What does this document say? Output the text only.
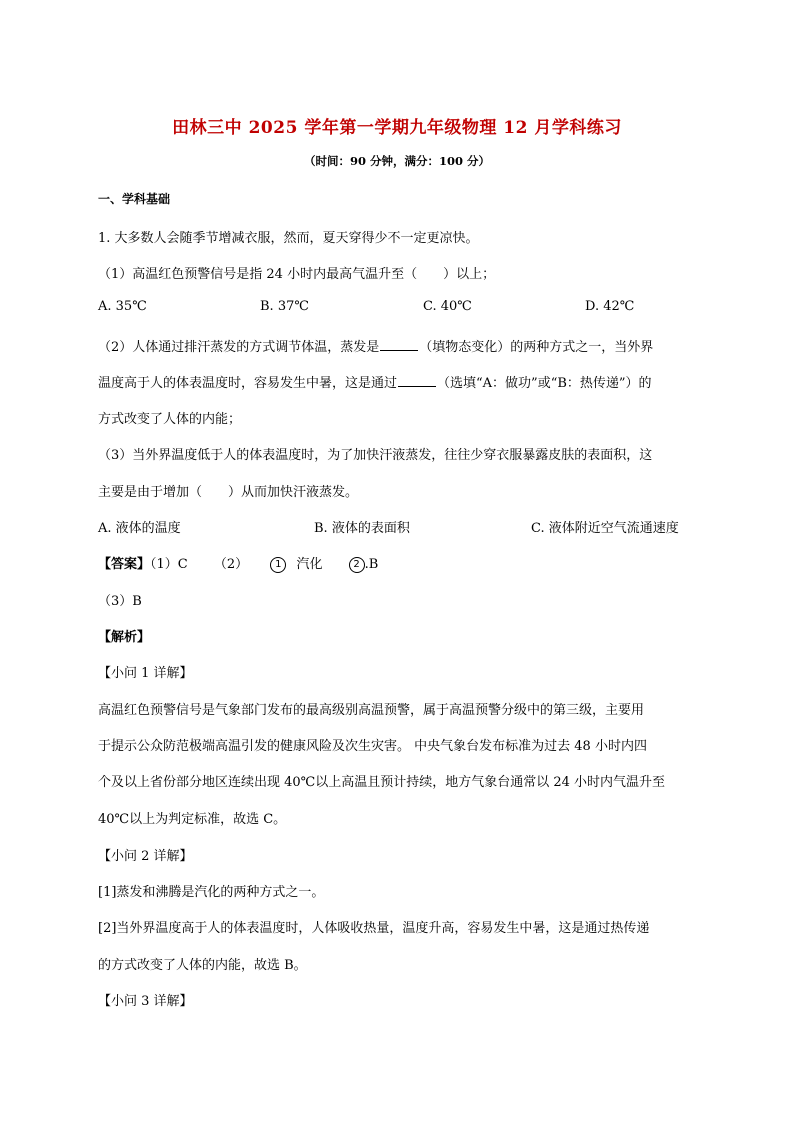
田林三中 2025 学年第一学期九年级物理 12 月学科练习
（时间：90 分钟，满分：100 分）
一、学科基础
1. 大多数人会随季节增减衣服，然而，夏天穿得少不一定更凉快。
（1）高温红色预警信号是指 24 小时内最高气温升至（　　）以上；
A. 35℃	B. 37℃	C. 40℃	D. 42℃
（2）人体通过排汗蒸发的方式调节体温，蒸发是	（填物态变化）的两种方式之一，当外界
温度高于人的体表温度时，容易发生中暑，这是通过	（选填“A：做功”或“B：热传递”）的
方式改变了人体的内能；
（3）当外界温度低于人的体表温度时，为了加快汗液蒸发，往往少穿衣服暴露皮肤的表面积，这
主要是由于增加（　　）从而加快汗液蒸发。
A. 液体的温度	B. 液体的表面积	C. 液体附近空气流通速度
【答案】（1）C （2）	1 汽化	2 .B
（3）B
【解析】
【小问 1 详解】
高温红色预警信号是气象部门发布的最高级别高温预警，属于高温预警分级中的第三级，主要用
于提示公众防范极端高温引发的健康风险及次生灾害。 中央气象台发布标准为过去 48 小时内四
个及以上省份部分地区连续出现 40℃以上高温且预计持续，地方气象台通常以 24 小时内气温升至
40℃以上为判定标准，故选 C。
【小问 2 详解】
[1]蒸发和沸腾是汽化的两种方式之一。
[2]当外界温度高于人的体表温度时，人体吸收热量，温度升高，容易发生中暑，这是通过热传递
的方式改变了人体的内能，故选 B。
【小问 3 详解】
